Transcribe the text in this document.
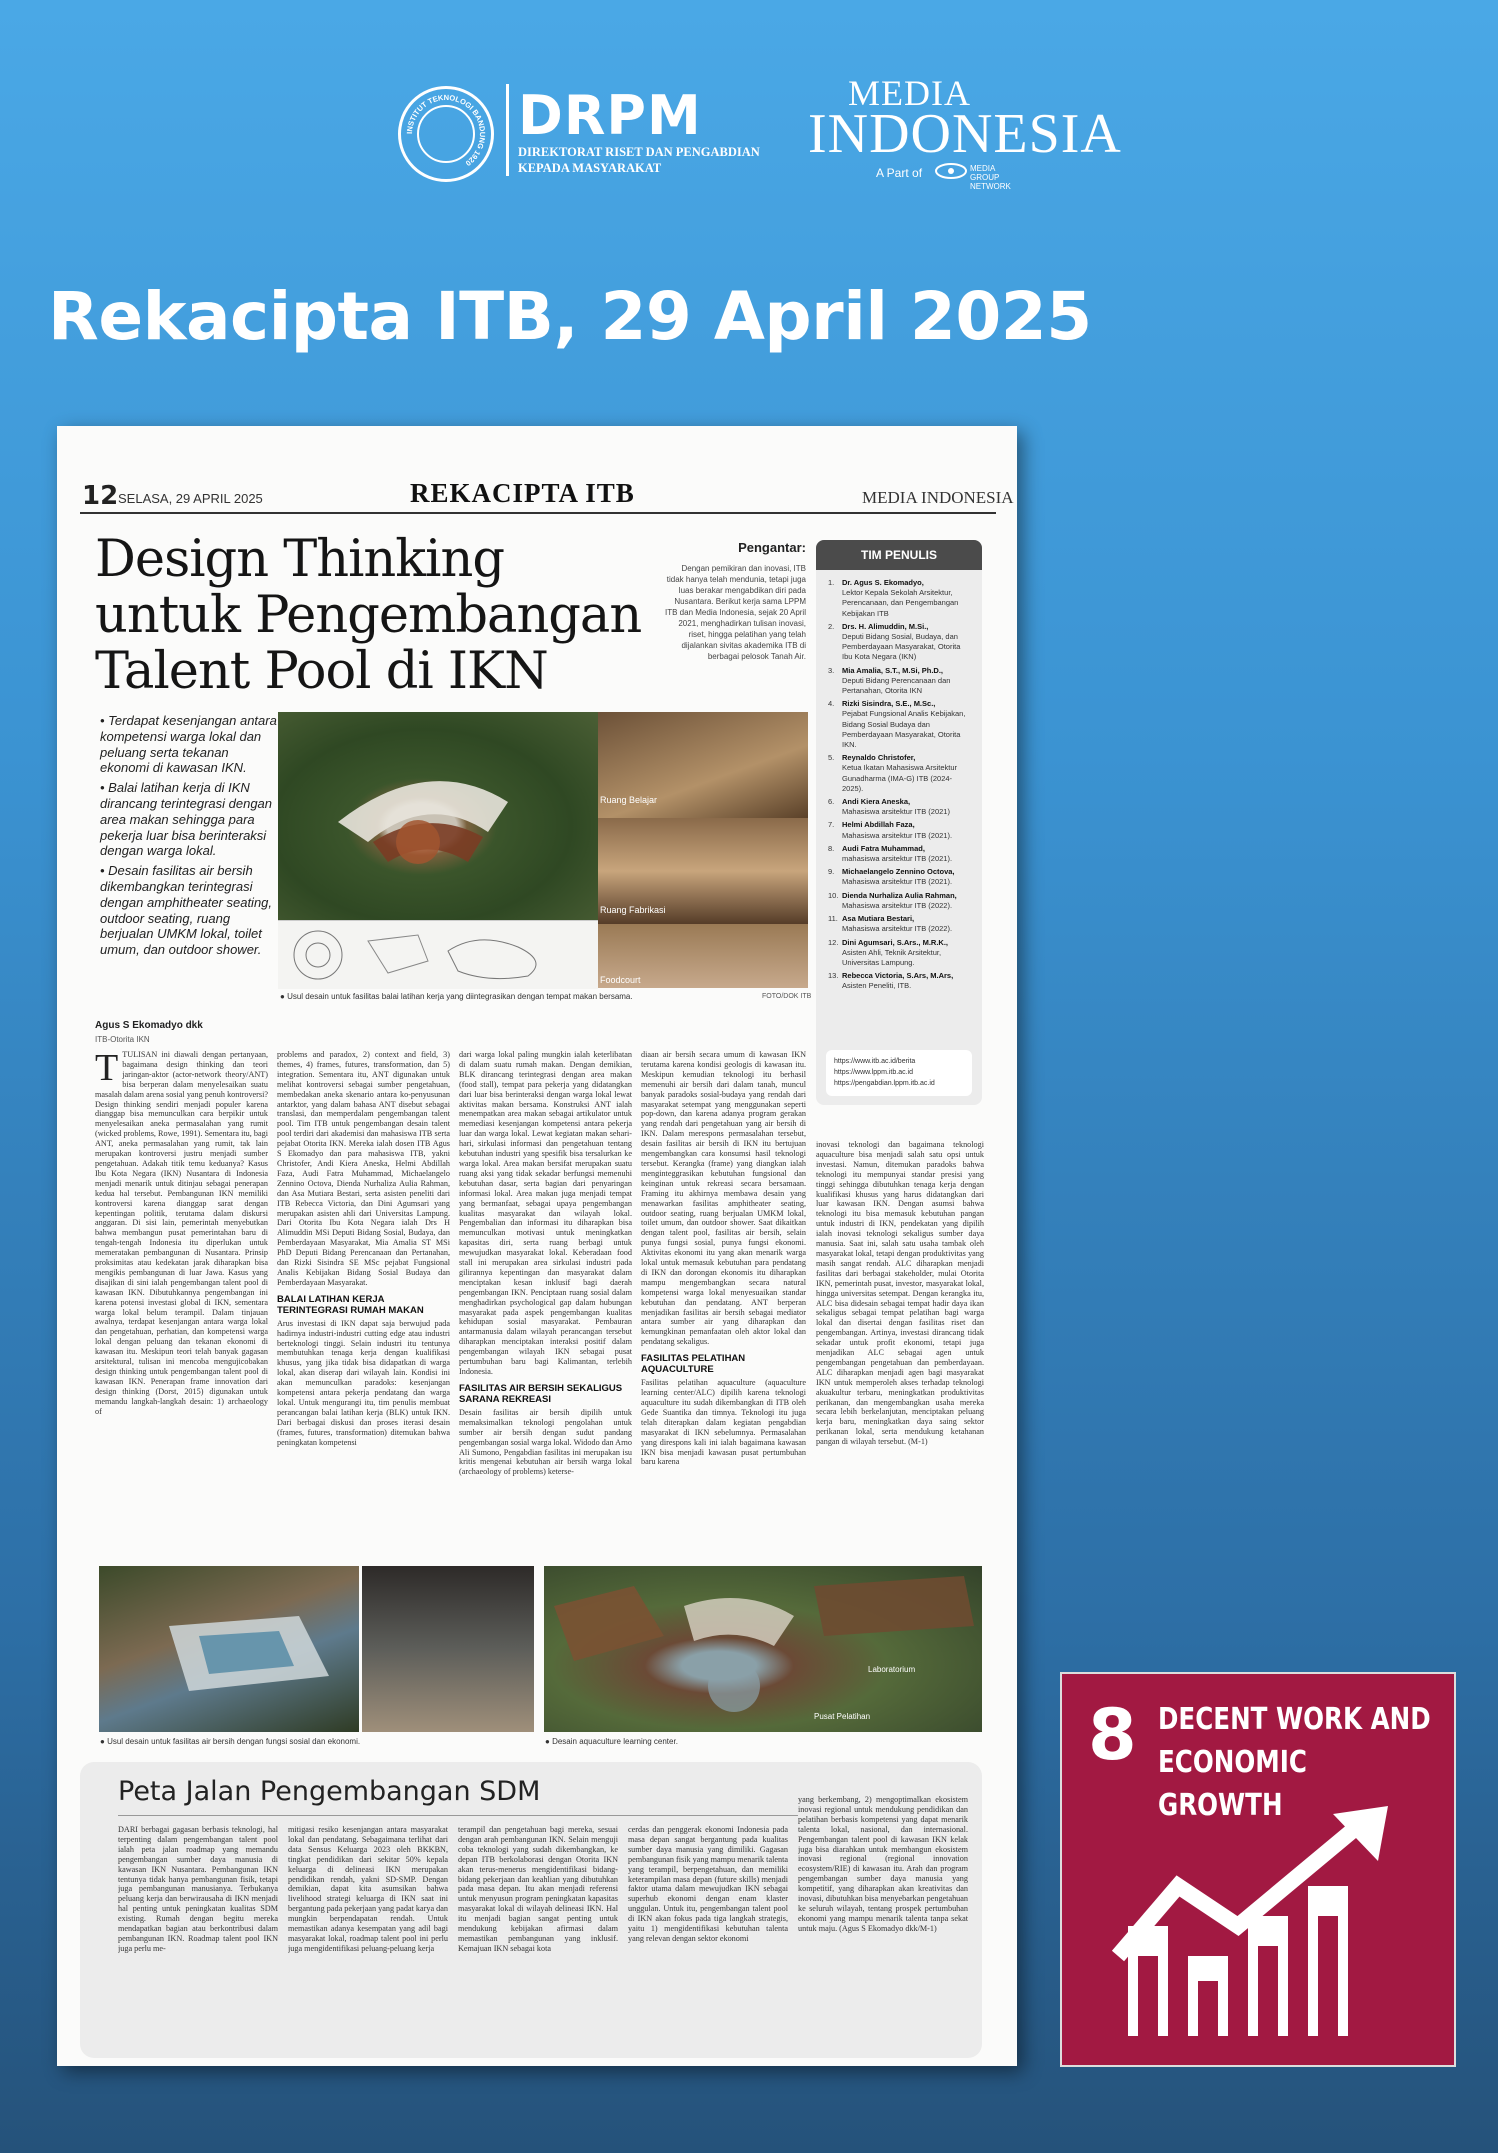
INSTITUT TEKNOLOGI BANDUNG 1920
DRPM
DIREKTORAT RISET DAN PENGABDIAN
KEPADA MASYARAKAT
MEDIA
INDONESIA
A Part of	MEDIA GROUP NETWORK
Rekacipta ITB, 29 April 2025
12 SELASA, 29 APRIL 2025	REKACIPTA ITB	MEDIA INDONESIA
Design Thinking untuk Pengembangan Talent Pool di IKN
Pengantar:
Dengan pemikiran dan inovasi, ITB tidak hanya telah mendunia, tetapi juga luas berakar mengabdikan diri pada Nusantara. Berikut kerja sama LPPM ITB dan Media Indonesia, sejak 20 April 2021, menghadirkan tulisan inovasi, riset, hingga pelatihan yang telah dijalankan sivitas akademika ITB di berbagai pelosok Tanah Air.
TIM PENULIS
1. Dr. Agus S. Ekomadyo,
Lektor Kepala Sekolah Arsitektur, Perencanaan, dan Pengembangan Kebijakan ITB
2. Drs. H. Alimuddin, M.Si.,
Deputi Bidang Sosial, Budaya, dan Pemberdayaan Masyarakat, Otorita Ibu Kota Negara (IKN)
3. Mia Amalia, S.T., M.Si, Ph.D.,
Deputi Bidang Perencanaan dan Pertanahan, Otorita IKN
4. Rizki Sisindra, S.E., M.Sc.,
Pejabat Fungsional Analis Kebijakan, Bidang Sosial Budaya dan Pemberdayaan Masyarakat, Otorita IKN.
5. Reynaldo Christofer,
Ketua Ikatan Mahasiswa Arsitektur Gunadharma (IMA-G) ITB (2024-2025).
6. Andi Kiera Aneska,
Mahasiswa arsitektur ITB (2021)
7. Helmi Abdillah Faza,
Mahasiswa arsitektur ITB (2021).
8. Audi Fatra Muhammad,
mahasiswa arsitektur ITB (2021).
9. Michaelangelo Zennino Octova,
Mahasiswa arsitektur ITB (2021).
10. Dienda Nurhaliza Aulia Rahman,
Mahasiswa arsitektur ITB (2022).
11. Asa Mutiara Bestari,
Mahasiswa arsitektur ITB (2022).
12. Dini Agumsari, S.Ars., M.R.K.,
Asisten Ahli, Teknik Arsitektur, Universitas Lampung.
13. Rebecca Victoria, S.Ars, M.Ars,
Asisten Peneliti, ITB.
https://www.itb.ac.id/berita
https://www.lppm.itb.ac.id
https://pengabdian.lppm.itb.ac.id
• Terdapat kesenjangan antara kompetensi warga lokal dan peluang serta tekanan ekonomi di kawasan IKN.
• Balai latihan kerja di IKN dirancang terintegrasi dengan area makan sehingga para pekerja luar bisa berinteraksi dengan warga lokal.
• Desain fasilitas air bersih dikembangkan terintegrasi dengan amphitheater seating, outdoor seating, ruang berjualan UMKM lokal, toilet umum, dan outdoor shower.
Ruang Belajar
Ruang Fabrikasi
Foodcourt
● Usul desain untuk fasilitas balai latihan kerja yang diintegrasikan dengan tempat makan bersama.	FOTO/DOK ITB
Agus S Ekomadyo dkk
ITB-Otorita IKN
TTULISAN ini diawali dengan pertanyaan, bagaimana design thinking dan teori jaringan-aktor (actor-network theory/ANT) bisa berperan dalam menyelesaikan suatu masalah dalam arena sosial yang penuh kontroversi? Design thinking sendiri menjadi populer karena dianggap bisa memunculkan cara berpikir untuk menyelesaikan aneka permasalahan yang rumit (wicked problems, Rowe, 1991). Sementara itu, bagi ANT, aneka permasalahan yang rumit, tak lain merupakan kontroversi justru menjadi sumber pengetahuan. Adakah titik temu keduanya? Kasus Ibu Kota Negara (IKN) Nusantara di Indonesia menjadi menarik untuk ditinjau sebagai penerapan kedua hal tersebut. Pembangunan IKN memiliki kontroversi karena dianggap sarat dengan kepentingan politik, terutama dalam diskursi anggaran. Di sisi lain, pemerintah menyebutkan bahwa membangun pusat pemerintahan baru di tengah-tengah Indonesia itu diperlukan untuk memeratakan pembangunan di Nusantara. Prinsip proksimitas atau kedekatan jarak diharapkan bisa mengikis pembangunan di luar Jawa. Kasus yang disajikan di sini ialah pengembangan talent pool di kawasan IKN. Dibutuhkannya pengembangan ini karena potensi investasi global di IKN, sementara warga lokal belum terampil. Dalam tinjauan awalnya, terdapat kesenjangan antara warga lokal dan pengetahuan, perhatian, dan kompetensi warga lokal dengan peluang dan tekanan ekonomi di kawasan itu. Meskipun teori telah banyak gagasan arsitektural, tulisan ini mencoba mengujicobakan design thinking untuk pengembangan talent pool di kawasan IKN. Penerapan frame innovation dari design thinking (Dorst, 2015) digunakan untuk memandu langkah-langkah desain: 1) archaeology of
problems and paradox, 2) context and field, 3) themes, 4) frames, futures, transformation, dan 5) integration. Sementara itu, ANT digunakan untuk melihat kontroversi sebagai sumber pengetahuan, membedakan aneka skenario antara ko-penyusunan antarktor, yang dalam bahasa ANT disebut sebagai translasi, dan memperdalam pengembangan talent pool. Tim ITB untuk pengembangan desain talent pool terdiri dari akademisi dan mahasiswa ITB serta pejabat Otorita IKN. Mereka ialah dosen ITB Agus S Ekomadyo dan para mahasiswa ITB, yakni Christofer, Andi Kiera Aneska, Helmi Abdillah Faza, Audi Fatra Muhammad, Michaelangelo Zennino Octova, Dienda Nurhaliza Aulia Rahman, dan Asa Mutiara Bestari, serta asisten peneliti dari ITB Rebecca Victoria, dan Dini Agumsari yang merupakan asisten ahli dari Universitas Lampung. Dari Otorita Ibu Kota Negara ialah Drs H Alimuddin MSi Deputi Bidang Sosial, Budaya, dan Pemberdayaan Masyarakat, Mia Amalia ST MSi PhD Deputi Bidang Perencanaan dan Pertanahan, dan Rizki Sisindra SE MSc pejabat Fungsional Analis Kebijakan Bidang Sosial Budaya dan Pemberdayaan Masyarakat.
BALAI LATIHAN KERJA TERINTEGRASI RUMAH MAKAN
Arus investasi di IKN dapat saja berwujud pada hadirnya industri-industri cutting edge atau industri berteknologi tinggi. Selain industri itu tentunya membutuhkan tenaga kerja dengan kualifikasi khusus, yang jika tidak bisa didapatkan di warga lokal, akan diserap dari wilayah lain. Kondisi ini akan memunculkan paradoks: kesenjangan kompetensi antara pekerja pendatang dan warga lokal. Untuk mengurangi itu, tim penulis membuat perancangan balai latihan kerja (BLK) untuk IKN. Dari berbagai diskusi dan proses iterasi desain (frames, futures, transformation) ditemukan bahwa peningkatan kompetensi
dari warga lokal paling mungkin ialah keterlibatan di dalam suatu rumah makan. Dengan demikian, BLK dirancang terintegrasi dengan area makan (food stall), tempat para pekerja yang didatangkan dari luar bisa berinteraksi dengan warga lokal lewat aktivitas makan bersama. Konstruksi ANT ialah menempatkan area makan sebagai artikulator untuk memediasi kesenjangan kompetensi antara pekerja luar dan warga lokal. Lewat kegiatan makan sehari-hari, sirkulasi informasi dan pengetahuan tentang kebutuhan industri yang spesifik bisa tersalurkan ke warga lokal. Area makan bersifat merupakan suatu ruang aksi yang tidak sekadar berfungsi memenuhi kebutuhan dasar, serta bagian dari penyaringan informasi lokal. Area makan juga menjadi tempat yang bermanfaat, sebagai upaya pengembangan kualitas masyarakat dan wilayah lokal. Pengembalian dan informasi itu diharapkan bisa memunculkan motivasi untuk meningkatkan kapasitas diri, serta ruang berbagi untuk mewujudkan masyarakat lokal. Keberadaan food stall ini merupakan area sirkulasi industri pada gilirannya kepentingan dan masyarakat dalam menciptakan kesan inklusif bagi daerah pengembangan IKN. Penciptaan ruang sosial dalam menghadirkan psychological gap dalam hubungan masyarakat pada aspek pengembangan kualitas kehidupan sosial masyarakat. Pembauran antarmanusia dalam wilayah perancangan tersebut diharapkan menciptakan interaksi positif dalam pengembangan wilayah IKN sebagai pusat pertumbuhan baru bagi Kalimantan, terlebih Indonesia.
FASILITAS AIR BERSIH SEKALIGUS SARANA REKREASI
Desain fasilitas air bersih dipilih untuk memaksimalkan teknologi pengolahan untuk sumber air bersih dengan sudut pandang pengembangan sosial warga lokal. Widodo dan Arno Ali Sumono, Pengabdian fasilitas ini merupakan isu kritis mengenai kebutuhan air bersih warga lokal (archaeology of problems) keterse-
diaan air bersih secara umum di kawasan IKN terutama karena kondisi geologis di kawasan itu. Meskipun kemudian teknologi itu berhasil memenuhi air bersih dari dalam tanah, muncul banyak paradoks sosial-budaya yang rendah dari masyarakat setempat yang menggunakan seperti pop-down, dan karena adanya program gerakan yang rendah dari pengetahuan yang air bersih di IKN. Dalam merespons permasalahan tersebut, desain fasilitas air bersih di IKN itu bertujuan mengembangkan cara konsumsi hasil teknologi tersebut. Kerangka (frame) yang diangkan ialah menginteggrasikan kebutuhan fungsional dan keinginan untuk rekreasi secara bersamaan. Framing itu akhirnya membawa desain yang menawarkan fasilitas amphitheater seating, outdoor seating, ruang berjualan UMKM lokal, toilet umum, dan outdoor shower. Saat dikaitkan dengan talent pool, fasilitas air bersih, selain punya fungsi sosial, punya fungsi ekonomi. Aktivitas ekonomi itu yang akan menarik warga lokal untuk memasuk kebutuhan para pendatang di IKN dan dorongan ekonomis itu diharapkan mampu mengembangkan secara natural kompetensi warga lokal menyesuaikan standar kebutuhan dan pendatang. ANT berperan menjadikan fasilitas air bersih sebagai mediator antara sumber air yang diharapkan dan kemungkinan pemanfaatan oleh aktor lokal dan pendatang sekaligus.
FASILITAS PELATIHAN AQUACULTURE
Fasilitas pelatihan aquaculture (aquaculture learning center/ALC) dipilih karena teknologi aquaculture itu sudah dikembangkan di ITB oleh Gede Suantika dan timnya. Teknologi itu juga telah diterapkan dalam kegiatan pengabdian masyarakat di IKN sebelumnya. Permasalahan yang direspons kali ini ialah bagaimana kawasan IKN bisa menjadi kawasan pusat pertumbuhan baru karena
inovasi teknologi dan bagaimana teknologi aquaculture bisa menjadi salah satu opsi untuk investasi. Namun, ditemukan paradoks bahwa teknologi itu mempunyai standar presisi yang tinggi sehingga dibutuhkan tenaga kerja dengan kualifikasi khusus yang harus didatangkan dari luar kawasan IKN. Dengan asumsi bahwa teknologi itu bisa memasuk kebutuhan pangan untuk industri di IKN, pendekatan yang dipilih ialah inovasi teknologi sekaligus sumber daya manusia. Saat ini, salah satu usaha tambak oleh masyarakat lokal, tetapi dengan produktivitas yang masih sangat rendah. ALC diharapkan menjadi fasilitas dari berbagai stakeholder, mulai Otorita IKN, pemerintah pusat, investor, masyarakat lokal, hingga universitas setempat. Dengan kerangka itu, ALC bisa didesain sebagai tempat hadir daya ikan sekaligus sebagai tempat pelatihan bagi warga lokal dan disertai dengan fasilitas riset dan pengembangan. Artinya, investasi dirancang tidak sekadar untuk profit ekonomi, tetapi juga menjadikan ALC sebagai agen untuk pengembangan pengetahuan dan pemberdayaan. ALC diharapkan menjadi agen bagi masyarakat IKN untuk memperoleh akses terhadap teknologi akuakultur terbaru, meningkatkan produktivitas perikanan, dan mengembangkan usaha mereka secara lebih berkelanjutan, menciptakan peluang kerja baru, meningkatkan daya saing sektor perikanan lokal, serta mendukung ketahanan pangan di wilayah tersebut. (M-1)
Laboratorium
Pusat Pelatihan
● Usul desain untuk fasilitas air bersih dengan fungsi sosial dan ekonomi.	● Desain aquaculture learning center.
Peta Jalan Pengembangan SDM
DARI berbagai gagasan berbasis teknologi, hal terpenting dalam pengembangan talent pool ialah peta jalan roadmap yang memandu pengembangan sumber daya manusia di kawasan IKN Nusantara. Pembangunan IKN tentunya tidak hanya pembangunan fisik, tetapi juga pembangunan manusianya. Terbukanya peluang kerja dan berwirausaha di IKN menjadi hal penting untuk peningkatan kualitas SDM existing. Rumah dengan begitu mereka mendapatkan bagian atau berkontribusi dalam pembangunan IKN. Roadmap talent pool IKN juga perlu me-
mitigasi resiko kesenjangan antara masyarakat lokal dan pendatang. Sebagaimana terlihat dari data Sensus Keluarga 2023 oleh BKKBN, tingkat pendidikan dari sekitar 50% kepala keluarga di delineasi IKN merupakan pendidikan rendah, yakni SD-SMP. Dengan demikian, dapat kita asumsikan bahwa livelihood strategi keluarga di IKN saat ini bergantung pada pekerjaan yang padat karya dan mungkin berpendapatan rendah. Untuk memastikan adanya kesempatan yang adil bagi masyarakat lokal, roadmap talent pool ini perlu juga mengidentifikasi peluang-peluang kerja
terampil dan pengetahuan bagi mereka, sesuai dengan arah pembangunan IKN. Selain menguji coba teknologi yang sudah dikembangkan, ke depan ITB berkolaborasi dengan Otorita IKN akan terus-menerus mengidentifikasi bidang-bidang pekerjaan dan keahlian yang dibutuhkan pada masa depan. Itu akan menjadi referensi untuk menyusun program peningkatan kapasitas masyarakat lokal di wilayah delineasi IKN. Hal itu menjadi bagian sangat penting untuk mendukung kebijakan afirmasi dalam memastikan pembangunan yang inklusif. Kemajuan IKN sebagai kota
cerdas dan penggerak ekonomi Indonesia pada masa depan sangat bergantung pada kualitas sumber daya manusia yang dimiliki. Gagasan pembangunan fisik yang mampu menarik talenta yang terampil, berpengetahuan, dan memiliki keterampilan masa depan (future skills) menjadi faktor utama dalam mewujudkan IKN sebagai superhub ekonomi dengan enam klaster unggulan. Untuk itu, pengembangan talent pool di IKN akan fokus pada tiga langkah strategis, yaitu 1) mengidentifikasi kebutuhan talenta yang relevan dengan sektor ekonomi
yang berkembang, 2) mengoptimalkan ekosistem inovasi regional untuk mendukung pendidikan dan pelatihan berbasis kompetensi yang dapat menarik talenta lokal, nasional, dan internasional. Pengembangan talent pool di kawasan IKN kelak juga bisa diarahkan untuk membangun ekosistem inovasi regional (regional innovation ecosystem/RIE) di kawasan itu. Arah dan program pengembangan sumber daya manusia yang kompetitif, yang diharapkan akan kreativitas dan inovasi, dibutuhkan bisa menyebarkan pengetahuan ke seluruh wilayah, tentang prospek pertumbuhan ekonomi yang mampu menarik talenta tanpa sekat untuk maju. (Agus S Ekomadyo dkk/M-1)
8 DECENT WORK AND
ECONOMIC GROWTH
